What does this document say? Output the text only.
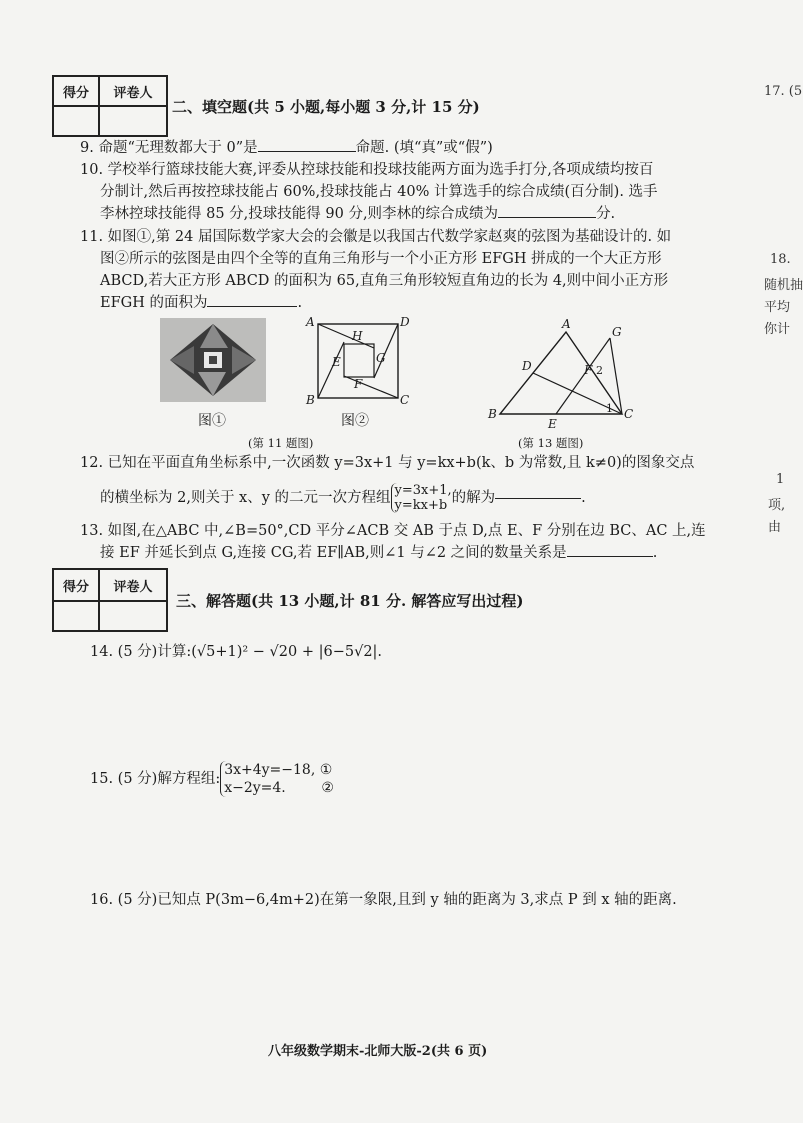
得分	评卷人

二、填空题(共 5 小题,每小题 3 分,计 15 分)
9. 命题“无理数都大于 0”是	命题. (填“真”或“假”)
10. 学校举行篮球技能大赛,评委从控球技能和投球技能两方面为选手打分,各项成绩均按百
分制计,然后再按控球技能占 60%,投球技能占 40% 计算选手的综合成绩(百分制). 选手
李林控球技能得 85 分,投球技能得 90 分,则李林的综合成绩为	分.
11. 如图①,第 24 届国际数学家大会的会徽是以我国古代数学家赵爽的弦图为基础设计的. 如
图②所示的弦图是由四个全等的直角三角形与一个小正方形 EFGH 拼成的一个大正方形
ABCD,若大正方形 ABCD 的面积为 65,直角三角形较短直角边的长为 4,则中间小正方形
EFGH 的面积为	.
A	D
H
E	G
F
B	C
图①	图②
(第 11 题图)
A
G
D	F 2
B
E
1 C
(第 13 题图)
12. 已知在平面直角坐标系中,一次函数 y=3x+1 与 y=kx+b(k、b 为常数,且 k≠0)的图象交点
的横坐标为 2,则关于 x、y 的二元一次方程组 y=3x+1,
y=kx+b 的解为	.
13. 如图,在△ABC 中,∠B=50°,CD 平分∠ACB 交 AB 于点 D,点 E、F 分别在边 BC、AC 上,连
接 EF 并延长到点 G,连接 CG,若 EF∥AB,则∠1 与∠2 之间的数量关系是	.
得分	评卷人

三、解答题(共 13 小题,计 81 分. 解答应写出过程)
14. (5 分)计算:(√5+1)² − √20 + |6−5√2|.
15. (5 分)解方程组:
3x+4y=−18, ①
x−2y=4.        ②
16. (5 分)已知点 P(3m−6,4m+2)在第一象限,且到 y 轴的距离为 3,求点 P 到 x 轴的距离.
八年级数学期末-北师大版-2(共 6 页)
17. (5
18.
随机抽
平均
你计
1
项,
由
